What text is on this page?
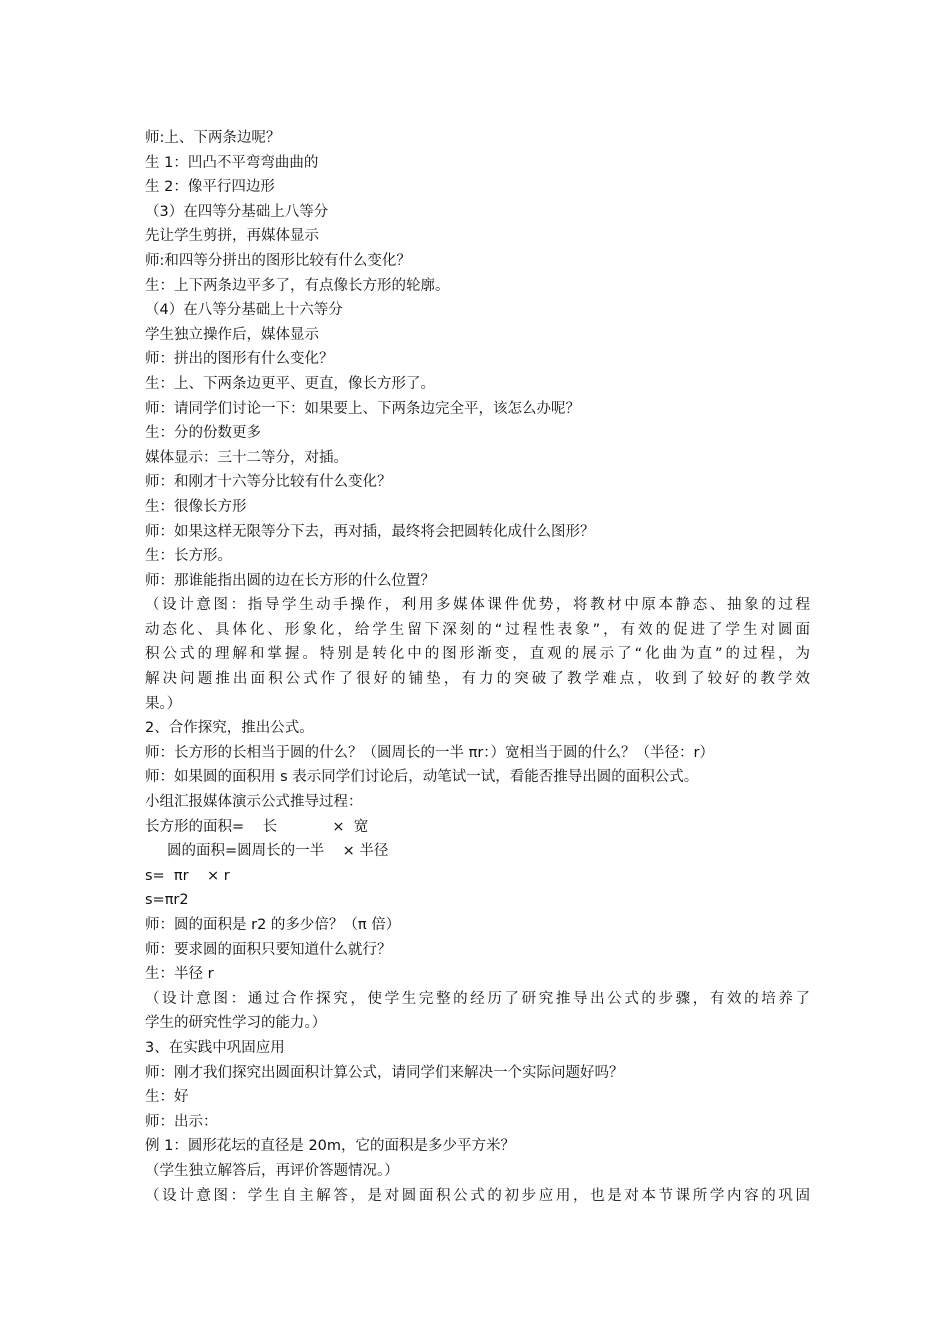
师:上、下两条边呢？
生 1：凹凸不平弯弯曲曲的
生 2：像平行四边形
（3）在四等分基础上八等分
先让学生剪拼，再媒体显示
师:和四等分拼出的图形比较有什么变化？
生：上下两条边平多了，有点像长方形的轮廓。
（4）在八等分基础上十六等分
学生独立操作后，媒体显示
师：拼出的图形有什么变化？
生：上、下两条边更平、更直，像长方形了。
师：请同学们讨论一下：如果要上、下两条边完全平，该怎么办呢？
生：分的份数更多
媒体显示：三十二等分，对插。
师：和刚才十六等分比较有什么变化？
生：很像长方形
师：如果这样无限等分下去，再对插，最终将会把圆转化成什么图形？
生：长方形。
师：那谁能指出圆的边在长方形的什么位置？
（设计意图：指导学生动手操作，利用多媒体课件优势，将教材中原本静态、抽象的过程
动态化、具体化、形象化，给学生留下深刻的“过程性表象”，有效的促进了学生对圆面
积公式的理解和掌握。特别是转化中的图形渐变，直观的展示了“化曲为直”的过程，为
解决问题推出面积公式作了很好的铺垫，有力的突破了教学难点，收到了较好的教学效
果。）
2、合作探究，推出公式。
师：长方形的长相当于圆的什么？（圆周长的一半 πr：）宽相当于圆的什么？（半径：r）
师：如果圆的面积用 s 表示同学们讨论后，动笔试一试，看能否推导出圆的面积公式。
小组汇报媒体演示公式推导过程：
长方形的面积=    长            ×  宽
圆的面积=圆周长的一半    × 半径
s=  πr    × r
s=πr2
师：圆的面积是 r2 的多少倍？（π 倍）
师：要求圆的面积只要知道什么就行？
生：半径 r
（设计意图：通过合作探究，使学生完整的经历了研究推导出公式的步骤，有效的培养了
学生的研究性学习的能力。）
3、在实践中巩固应用
师：刚才我们探究出圆面积计算公式，请同学们来解决一个实际问题好吗？
生：好
师：出示：
例 1：圆形花坛的直径是 20m，它的面积是多少平方米？
（学生独立解答后，再评价答题情况。）
（设计意图：学生自主解答，是对圆面积公式的初步应用，也是对本节课所学内容的巩固
